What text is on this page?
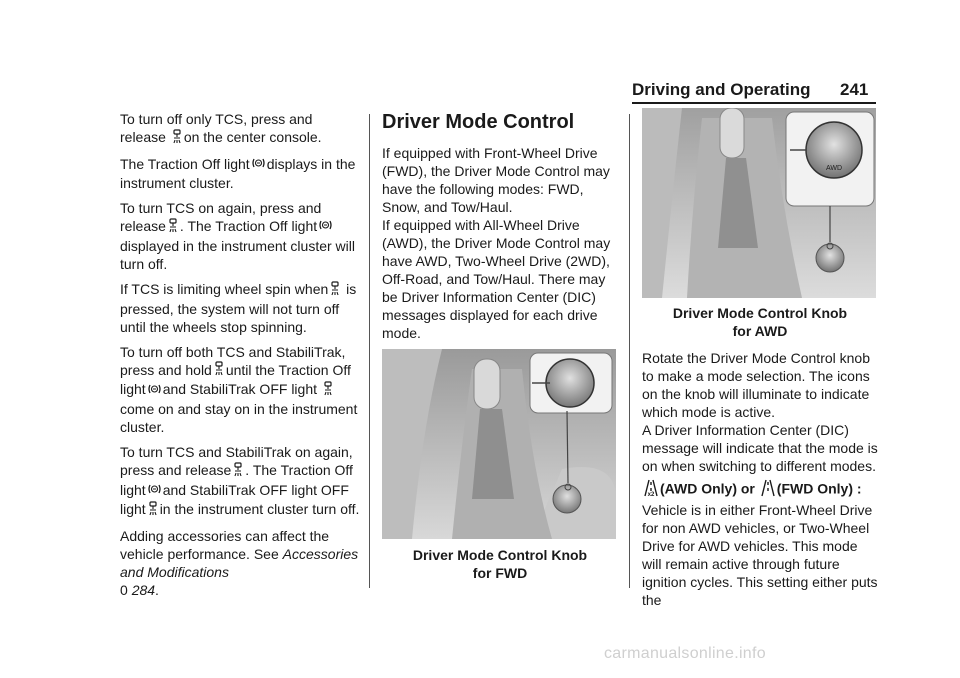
Driving and Operating 241

To turn off only TCS, press and release on the center console.

The Traction Off light displays in the instrument cluster.

To turn TCS on again, press and release . The Traction Off light displayed in the instrument cluster will turn off.

If TCS is limiting wheel spin when is pressed, the system will not turn off until the wheels stop spinning.

To turn off both TCS and StabiliTrak, press and hold until the Traction Off light and StabiliTrak OFF light come on and stay on in the instrument cluster.

To turn TCS and StabiliTrak on again, press and release . The Traction Off light and StabiliTrak OFF light OFF light in the instrument cluster turn off.

Adding accessories can affect the vehicle performance. See Accessories and Modifications
0 284.

Driver Mode Control

If equipped with Front-Wheel Drive (FWD), the Driver Mode Control may have the following modes: FWD, Snow, and Tow/Haul.

If equipped with All-Wheel Drive (AWD), the Driver Mode Control may have AWD, Two-Wheel Drive (2WD), Off-Road, and Tow/Haul. There may be Driver Information Center (DIC) messages displayed for each drive mode.

Driver Mode Control Knob
for FWD
AWD
Driver Mode Control Knob
for AWD

Rotate the Driver Mode Control knob to make a mode selection. The icons on the knob will illuminate to indicate which mode is active.

A Driver Information Center (DIC) message will indicate that the mode is on when switching to different modes.

x2 (AWD Only) or (FWD Only) : Vehicle is in either Front-Wheel Drive for non AWD vehicles, or Two-Wheel Drive for AWD vehicles. This mode will remain active through future ignition cycles. This setting either puts the

carmanualsonline.info
